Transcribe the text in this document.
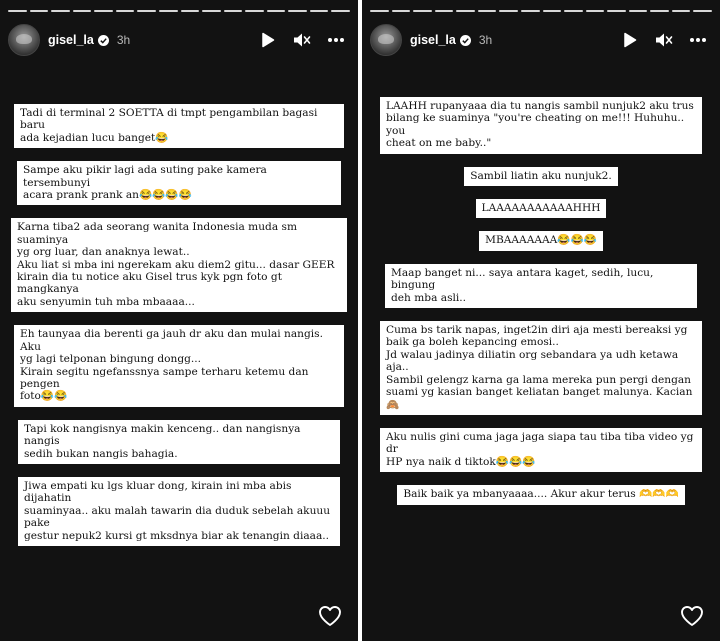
gisel_la 3h
Tadi di terminal 2 SOETTA di tmpt pengambilan bagasi baru
ada kejadian lucu banget😂
Sampe aku pikir lagi ada suting pake kamera tersembunyi
acara prank prank an😂😂😂😂
Karna tiba2 ada seorang wanita Indonesia muda sm suaminya
yg org luar, dan anaknya lewat..
Aku liat si mba ini ngerekam aku diem2 gitu... dasar GEER
kirain dia tu notice aku Gisel trus kyk pgn foto gt mangkanya
aku senyumin tuh mba mbaaaa...
Eh taunyaa dia berenti ga jauh dr aku dan mulai nangis. Aku
yg lagi telponan bingung dongg...
Kirain segitu ngefanssnya sampe terharu ketemu dan pengen
foto😂😂
Tapi kok nangisnya makin kenceng.. dan nangisnya nangis
sedih bukan nangis bahagia.
Jiwa empati ku lgs kluar dong, kirain ini mba abis dijahatin
suaminyaa.. aku malah tawarin dia duduk sebelah akuuu pake
gestur nepuk2 kursi gt mksdnya biar ak tenangin diaaa..
gisel_la 3h
LAAHH rupanyaaa dia tu nangis sambil nunjuk2 aku trus
bilang ke suaminya "you're cheating on me!!! Huhuhu.. you
cheat on me baby.."
Sambil liatin aku nunjuk2.
LAAAAAAAAAAAHHH
MBAAAAAAA😂😂😂
Maap banget ni... saya antara kaget, sedih, lucu, bingung
deh mba asli..
Cuma bs tarik napas, inget2in diri aja mesti bereaksi yg
baik ga boleh kepancing emosi..
Jd walau jadinya diliatin org sebandara ya udh ketawa aja..
Sambil gelengz karna ga lama mereka pun pergi dengan
suami yg kasian banget keliatan banget malunya. Kacian🙈
Aku nulis gini cuma jaga jaga siapa tau tiba tiba video yg dr
HP nya naik d tiktok😂😂😂
Baik baik ya mbanyaaaa.... Akur akur terus 🫶🫶🫶
